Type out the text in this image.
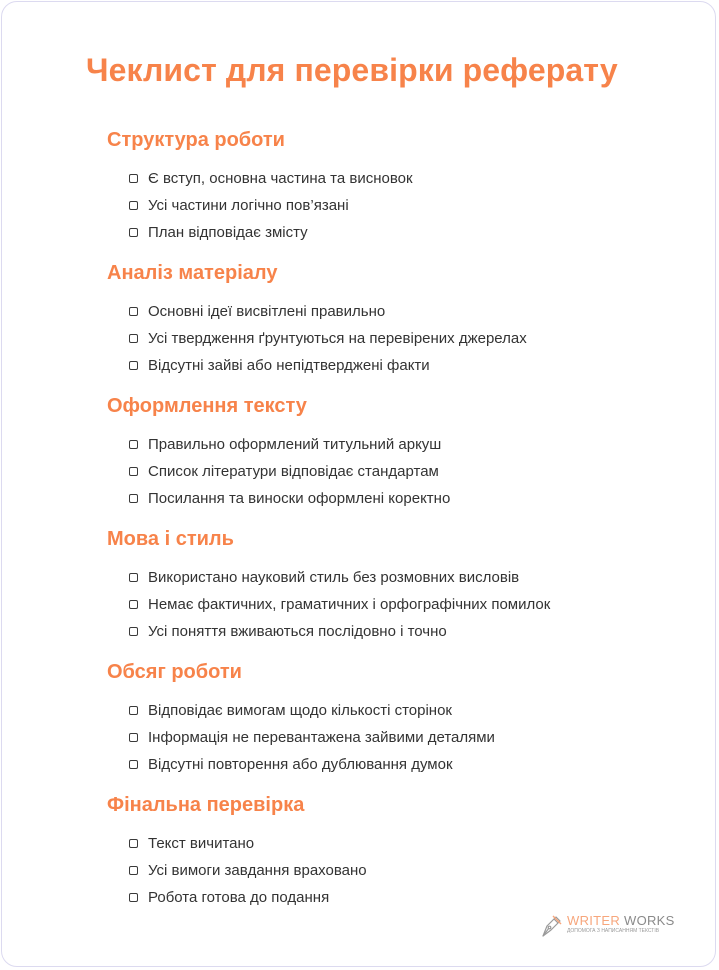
Чеклист для перевірки реферату
Структура роботи
Є вступ, основна частина та висновок
Усі частини логічно пов’язані
План відповідає змісту
Аналіз матеріалу
Основні ідеї висвітлені правильно
Усі твердження ґрунтуються на перевірених джерелах
Відсутні зайві або непідтверджені факти
Оформлення тексту
Правильно оформлений титульний аркуш
Список літератури відповідає стандартам
Посилання та виноски оформлені коректно
Мова і стиль
Використано науковий стиль без розмовних висловів
Немає фактичних, граматичних і орфографічних помилок
Усі поняття вживаються послідовно і точно
Обсяг роботи
Відповідає вимогам щодо кількості сторінок
Інформація не перевантажена зайвими деталями
Відсутні повторення або дублювання думок
Фінальна перевірка
Текст вичитано
Усі вимоги завдання враховано
Робота готова до подання
WRITER WORKS
ДОПОМОГА З НАПИСАННЯМ ТЕКСТІВ
